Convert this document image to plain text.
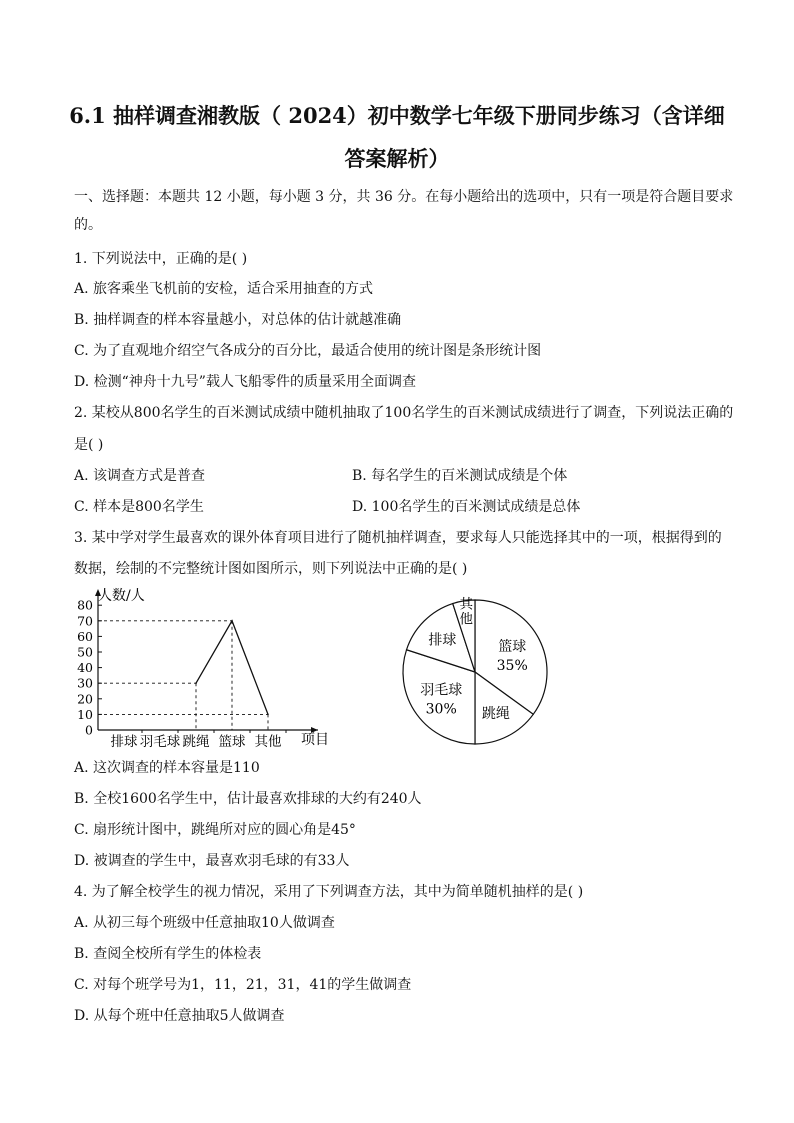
6.1 抽样调查湘教版（ 2024）初中数学七年级下册同步练习（含详细
答案解析）
一、选择题：本题共 12 小题，每小题 3 分，共 36 分。在每小题给出的选项中，只有一项是符合题目要求
的。
1. 下列说法中，正确的是( )
A. 旅客乘坐飞机前的安检，适合采用抽查的方式
B. 抽样调查的样本容量越小，对总体的估计就越准确
C. 为了直观地介绍空气各成分的百分比，最适合使用的统计图是条形统计图
D. 检测“神舟十九号”载人飞船零件的质量采用全面调查
2. 某校从800名学生的百米测试成绩中随机抽取了100名学生的百米测试成绩进行了调查，下列说法正确的
是( )
A. 该调查方式是普查	B. 每名学生的百米测试成绩是个体
C. 样本是800名学生	D. 100名学生的百米测试成绩是总体
3. 某中学对学生最喜欢的课外体育项目进行了随机抽样调查，要求每人只能选择其中的一项，根据得到的
数据，绘制的不完整统计图如图所示，则下列说法中正确的是( )
0
10
20
30
40
50
60
70
80
排球 羽毛球 跳绳 篮球 其他
人数/人
项目
篮球
35%
跳绳
羽毛球
30%
排球
其
他
A. 这次调查的样本容量是110
B. 全校1600名学生中，估计最喜欢排球的大约有240人
C. 扇形统计图中，跳绳所对应的圆心角是45°
D. 被调查的学生中，最喜欢羽毛球的有33人
4. 为了解全校学生的视力情况，采用了下列调查方法，其中为简单随机抽样的是( )
A. 从初三每个班级中任意抽取10人做调查
B. 查阅全校所有学生的体检表
C. 对每个班学号为1，11，21，31，41的学生做调查
D. 从每个班中任意抽取5人做调查
